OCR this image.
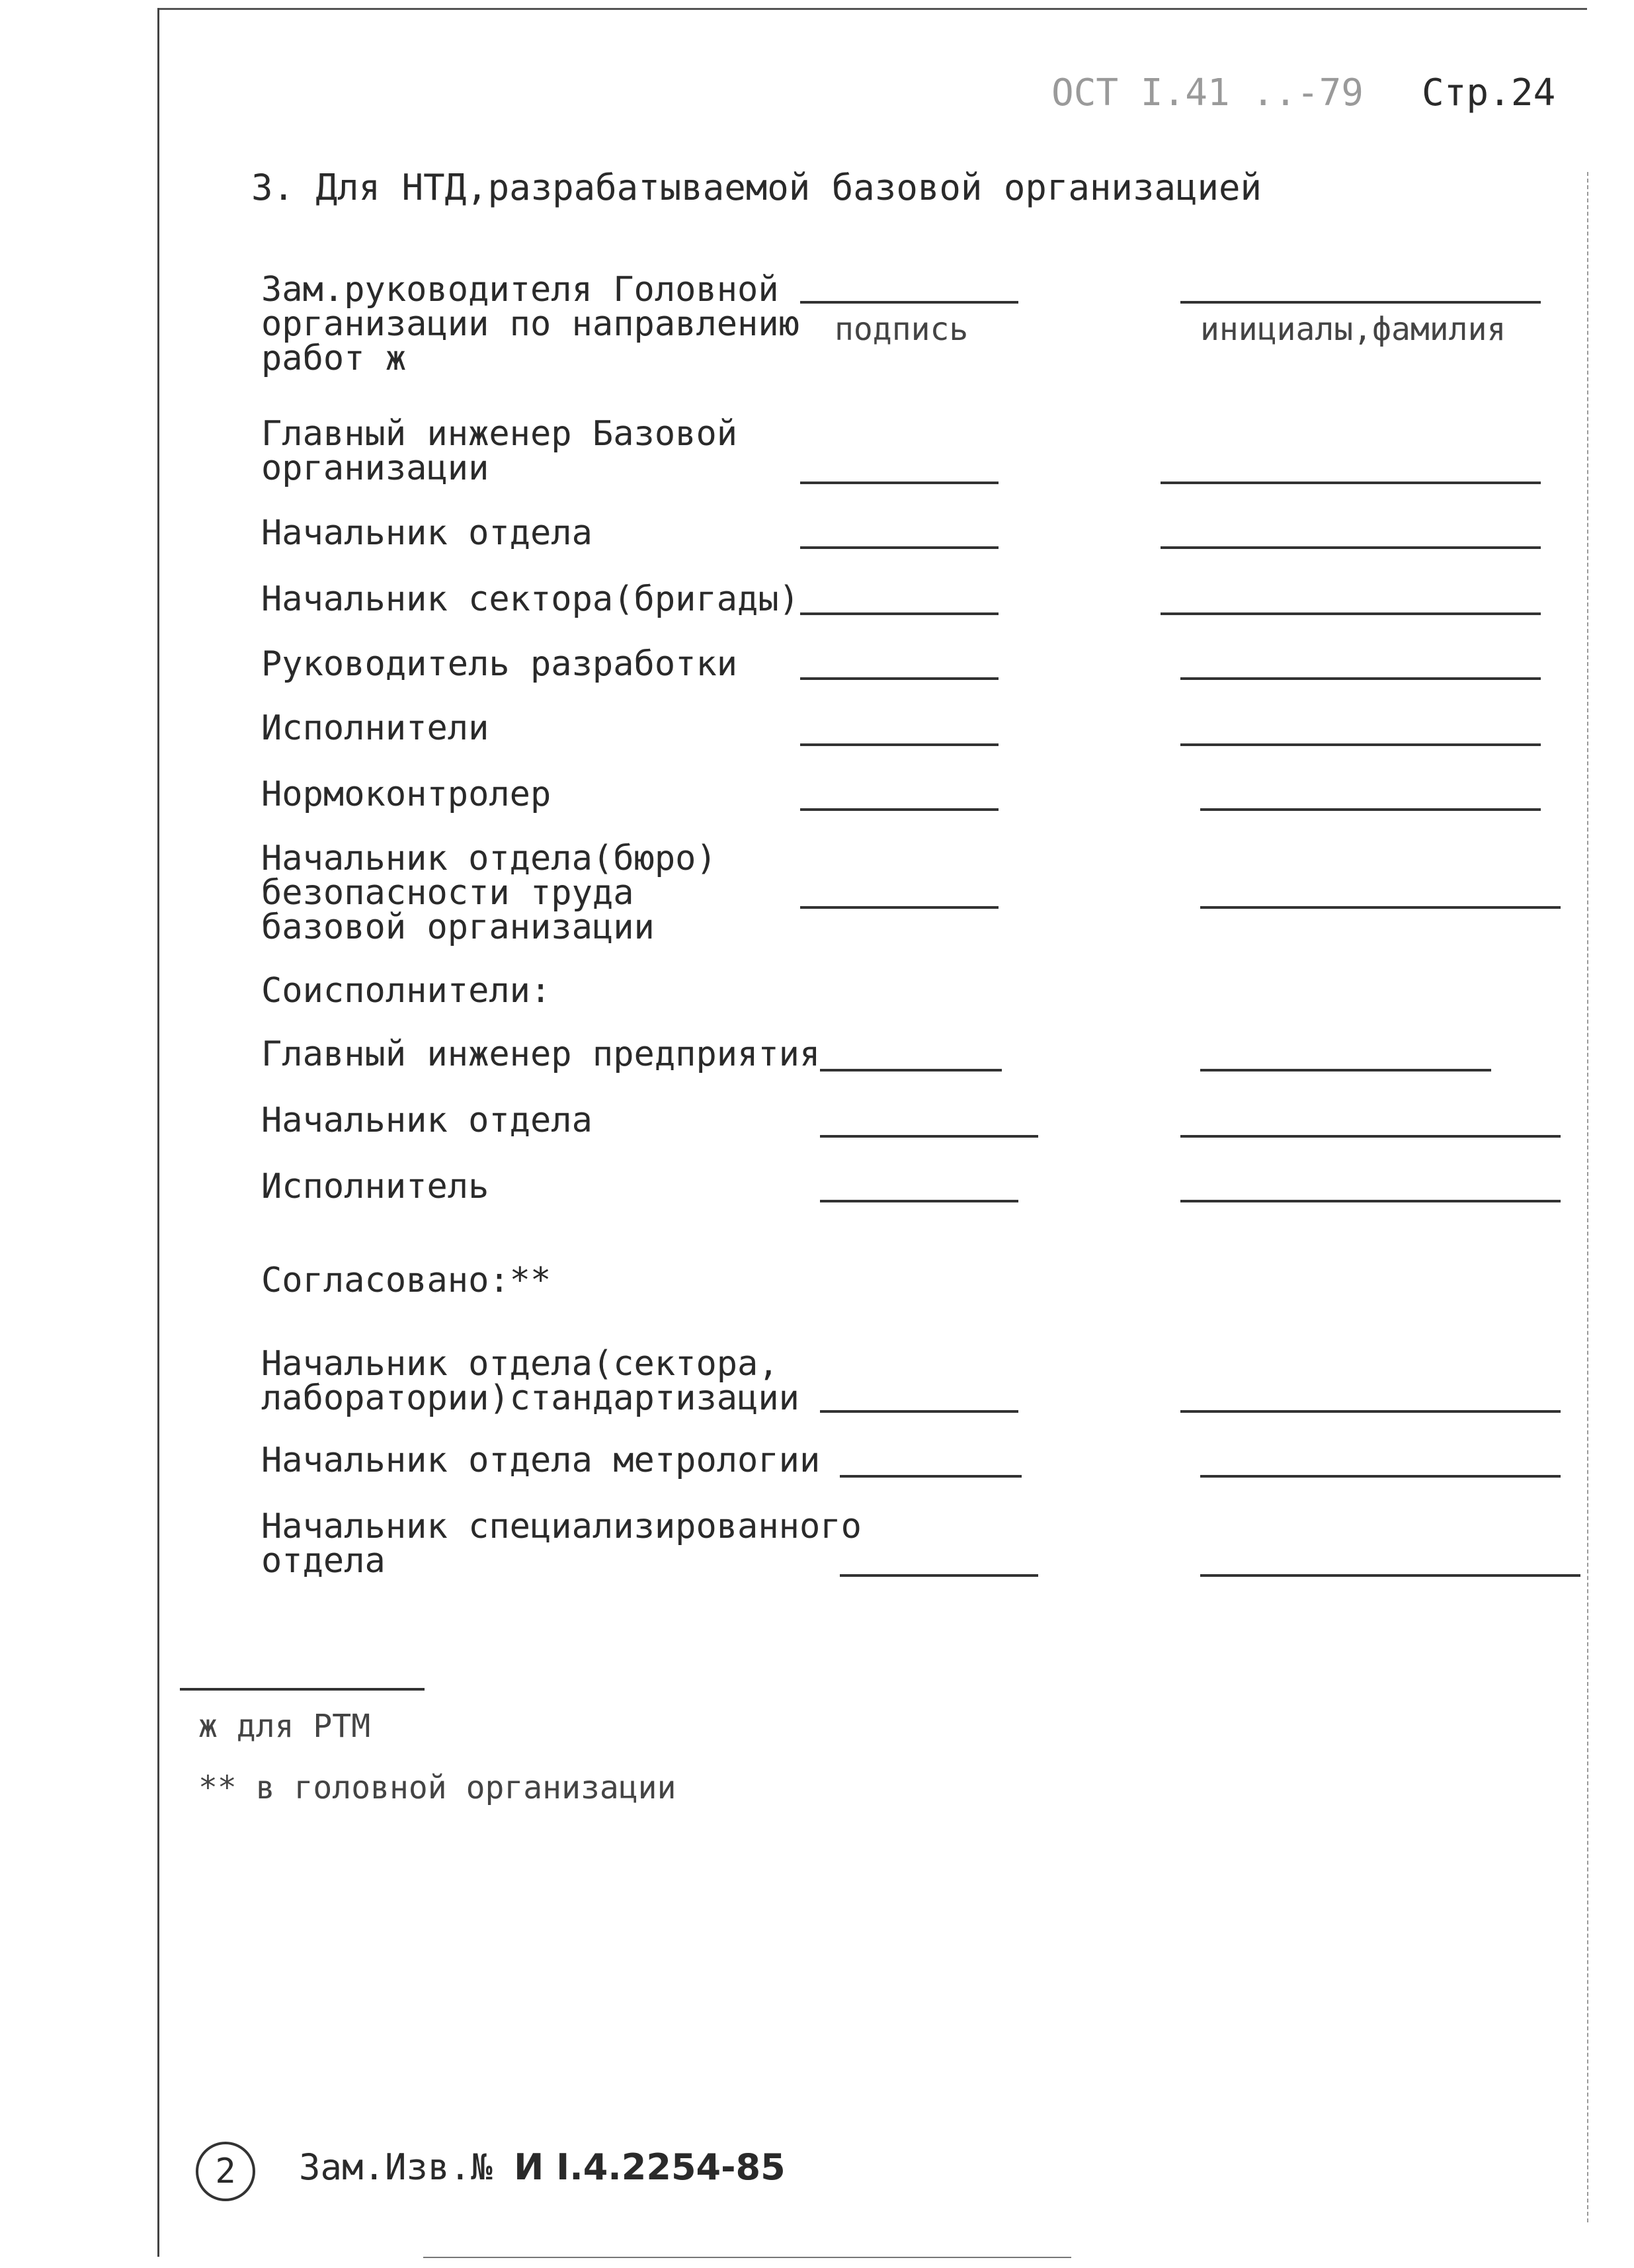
ОСТ I.41 ..-79 Стр.24
3. Для НТД,разрабатываемой базовой организацией
Зам.руководителя Головной
организации по направлению
работ ж
подпись	инициалы,фамилия
Главный инженер Базовой
организации
Начальник отдела
Начальник сектора(бригады)
Руководитель разработки
Исполнители
Нормоконтролер
Начальник отдела(бюро)
безопасности труда
базовой организации
Соисполнители:
Главный инженер предприятия
Начальник отдела
Исполнитель
Согласовано:**
Начальник отдела(сектора,
лаборатории)стандартизации
Начальник отдела метрологии
Начальник специализированного
отдела
ж для РТМ
** в головной организации
2	Зам.Изв.№ И I.4.2254-85
